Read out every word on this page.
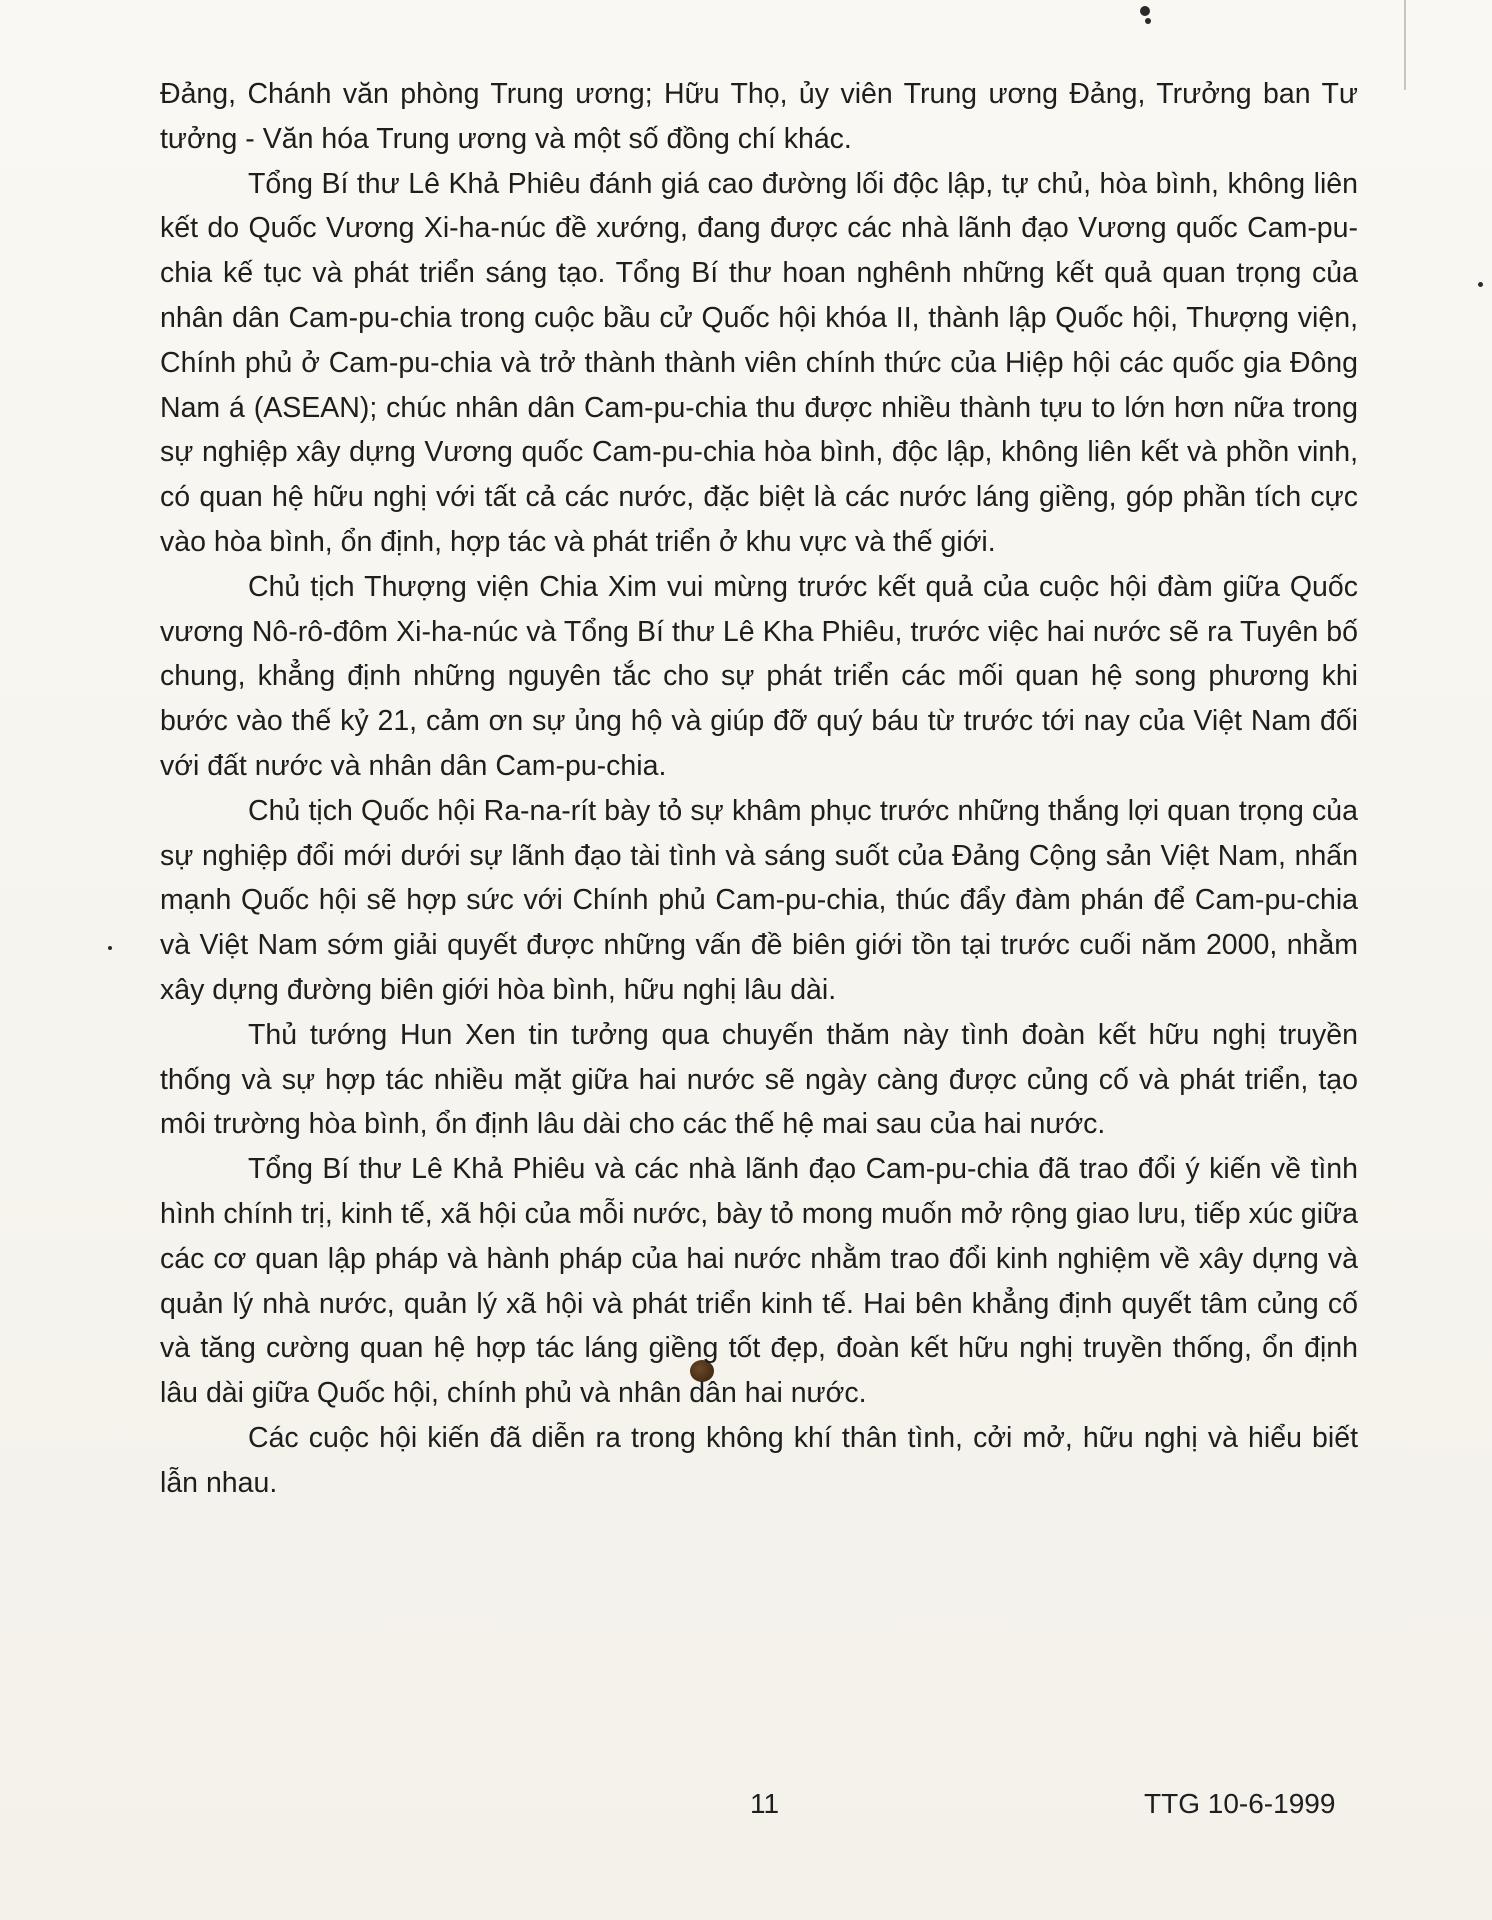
Đảng, Chánh văn phòng Trung ương; Hữu Thọ, ủy viên Trung ương Đảng, Trưởng ban Tư tưởng - Văn hóa Trung ương và một số đồng chí khác.

Tổng Bí thư Lê Khả Phiêu đánh giá cao đường lối độc lập, tự chủ, hòa bình, không liên kết do Quốc Vương Xi-ha-núc đề xướng, đang được các nhà lãnh đạo Vương quốc Cam-pu-chia kế tục và phát triển sáng tạo. Tổng Bí thư hoan nghênh những kết quả quan trọng của nhân dân Cam-pu-chia trong cuộc bầu cử Quốc hội khóa II, thành lập Quốc hội, Thượng viện, Chính phủ ở Cam-pu-chia và trở thành thành viên chính thức của Hiệp hội các quốc gia Đông Nam á (ASEAN); chúc nhân dân Cam-pu-chia thu được nhiều thành tựu to lớn hơn nữa trong sự nghiệp xây dựng Vương quốc Cam-pu-chia hòa bình, độc lập, không liên kết và phồn vinh, có quan hệ hữu nghị với tất cả các nước, đặc biệt là các nước láng giềng, góp phần tích cực vào hòa bình, ổn định, hợp tác và phát triển ở khu vực và thế giới.

Chủ tịch Thượng viện Chia Xim vui mừng trước kết quả của cuộc hội đàm giữa Quốc vương Nô-rô-đôm Xi-ha-núc và Tổng Bí thư Lê Kha Phiêu, trước việc hai nước sẽ ra Tuyên bố chung, khẳng định những nguyên tắc cho sự phát triển các mối quan hệ song phương khi bước vào thế kỷ 21, cảm ơn sự ủng hộ và giúp đỡ quý báu từ trước tới nay của Việt Nam đối với đất nước và nhân dân Cam-pu-chia.

Chủ tịch Quốc hội Ra-na-rít bày tỏ sự khâm phục trước những thắng lợi quan trọng của sự nghiệp đổi mới dưới sự lãnh đạo tài tình và sáng suốt của Đảng Cộng sản Việt Nam, nhấn mạnh Quốc hội sẽ hợp sức với Chính phủ Cam-pu-chia, thúc đẩy đàm phán để Cam-pu-chia và Việt Nam sớm giải quyết được những vấn đề biên giới tồn tại trước cuối năm 2000, nhằm xây dựng đường biên giới hòa bình, hữu nghị lâu dài.

Thủ tướng Hun Xen tin tưởng qua chuyến thăm này tình đoàn kết hữu nghị truyền thống và sự hợp tác nhiều mặt giữa hai nước sẽ ngày càng được củng cố và phát triển, tạo môi trường hòa bình, ổn định lâu dài cho các thế hệ mai sau của hai nước.

Tổng Bí thư Lê Khả Phiêu và các nhà lãnh đạo Cam-pu-chia đã trao đổi ý kiến về tình hình chính trị, kinh tế, xã hội của mỗi nước, bày tỏ mong muốn mở rộng giao lưu, tiếp xúc giữa các cơ quan lập pháp và hành pháp của hai nước nhằm trao đổi kinh nghiệm về xây dựng và quản lý nhà nước, quản lý xã hội và phát triển kinh tế. Hai bên khẳng định quyết tâm củng cố và tăng cường quan hệ hợp tác láng giềng tốt đẹp, đoàn kết hữu nghị truyền thống, ổn định lâu dài giữa Quốc hội, chính phủ và nhân dân hai nước.

Các cuộc hội kiến đã diễn ra trong không khí thân tình, cởi mở, hữu nghị và hiểu biết lẫn nhau.

11	TTG 10-6-1999
